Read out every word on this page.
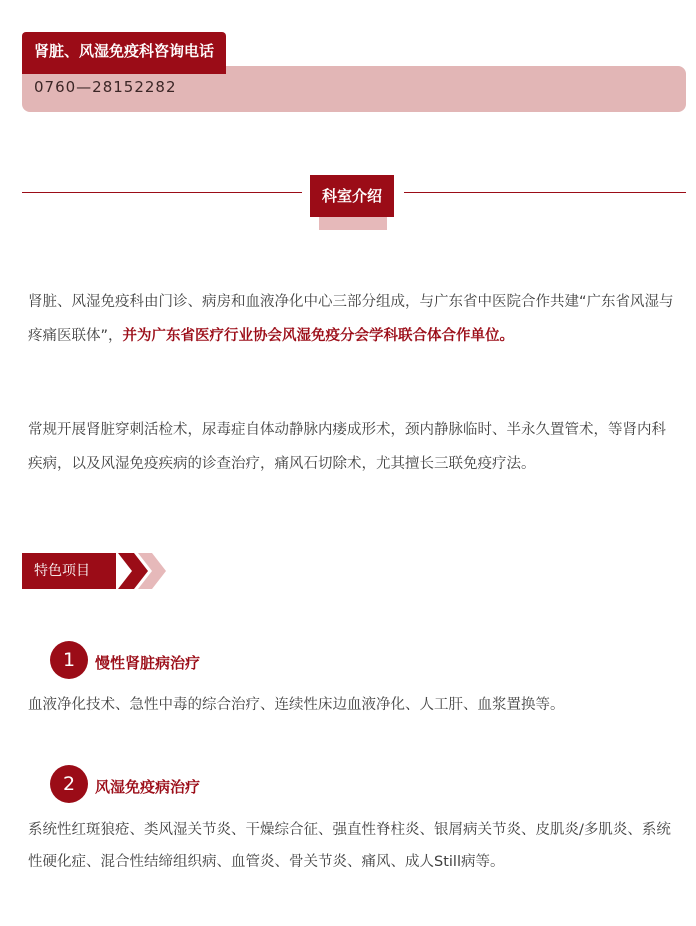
肾脏、风湿免疫科咨询电话
0760—28152282
科室介绍

肾脏、风湿免疫科由门诊、病房和血液净化中心三部分组成，与广东省中医院合作共建“广东省风湿与疼痛医联体”，并为广东省医疗行业协会风湿免疫分会学科联合体合作单位。

常规开展肾脏穿刺活检术，尿毒症自体动静脉内瘘成形术，颈内静脉临时、半永久置管术，等肾内科疾病，以及风湿免疫疾病的诊查治疗，痛风石切除术，尤其擅长三联免疫疗法。

特色项目
1	慢性肾脏病治疗

血液净化技术、急性中毒的综合治疗、连续性床边血液净化、人工肝、血浆置换等。

2	风湿免疫病治疗

系统性红斑狼疮、类风湿关节炎、干燥综合征、强直性脊柱炎、银屑病关节炎、皮肌炎/多肌炎、系统性硬化症、混合性结缔组织病、血管炎、骨关节炎、痛风、成人Still病等。
